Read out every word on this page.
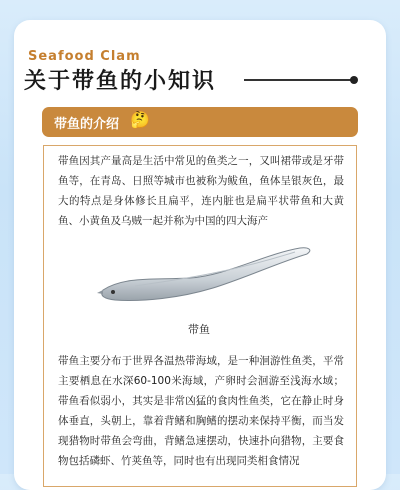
Seafood Clam
关于带鱼的小知识
带鱼的介绍 🤔
带鱼因其产量高是生活中常见的鱼类之一，又叫裙带或是牙带鱼等，在青岛、日照等城市也被称为鲅鱼，鱼体呈银灰色，最大的特点是身体修长且扁平，连内脏也是扁平状带鱼和大黄鱼、小黄鱼及乌贼一起并称为中国的四大海产
带鱼
带鱼主要分布于世界各温热带海域，是一种洄游性鱼类，平常主要栖息在水深60-100米海域，产卵时会洄游至浅海水域；带鱼看似弱小，其实是非常凶猛的食肉性鱼类，它在静止时身体垂直，头朝上，靠着背鳍和胸鳍的摆动来保持平衡，而当发现猎物时带鱼会弯曲，背鳍急速摆动，快速扑向猎物，主要食物包括磷虾、竹荚鱼等，同时也有出现同类相食情况
